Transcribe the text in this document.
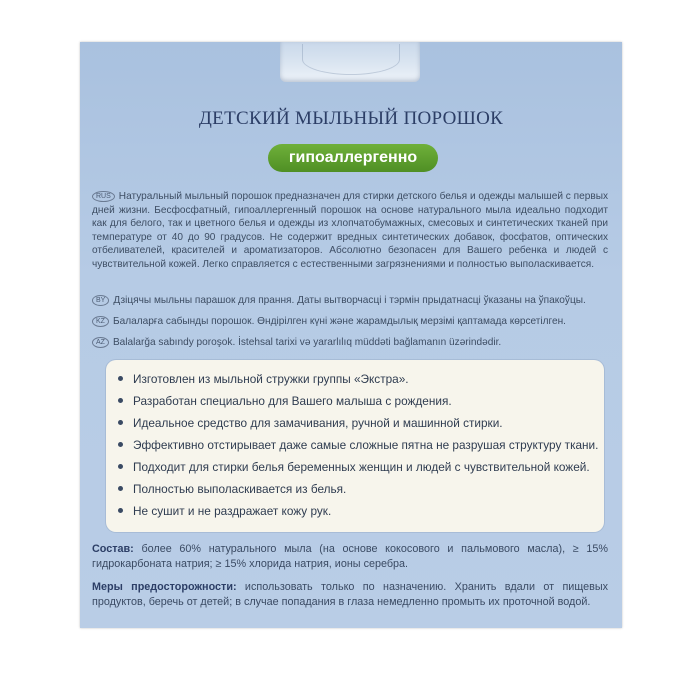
ДЕТСКИЙ МЫЛЬНЫЙ ПОРОШОК
гипоаллергенно
RUS Натуральный мыльный порошок предназначен для стирки детского белья и одежды малышей с первых дней жизни. Бесфосфатный, гипоаллергенный порошок на основе натурального мыла идеально подходит как для белого, так и цветного белья и одежды из хлопчатобумажных, смесовых и синтетических тканей при температуре от 40 до 90 градусов. Не содержит вредных синтетических добавок, фосфатов, оптических отбеливателей, красителей и ароматизаторов. Абсолютно безопасен для Вашего ребенка и людей с чувствительной кожей. Легко справляется с естественными загрязнениями и полностью выполаскивается.
BY Дзіцячы мыльны парашок для прання. Даты вытворчасці і тэрмін прыдатнасці ўказаны на ўпакоўцы.
KZ Балаларға сабынды порошок. Өндірілген күні және жарамдылық мерзімі қаптамада көрсетілген.
AZ Balalarğa sabındy poroşok. İstehsal tarixi və yararlılıq müddəti bağlamanın üzərindədir.
Изготовлен из мыльной стружки группы «Экстра».
Разработан специально для Вашего малыша с рождения.
Идеальное средство для замачивания, ручной и машинной стирки.
Эффективно отстирывает даже самые сложные пятна не разрушая структуру ткани.
Подходит для стирки белья беременных женщин и людей с чувствительной кожей.
Полностью выполаскивается из белья.
Не сушит и не раздражает кожу рук.
Состав: более 60% натурального мыла (на основе кокосового и пальмового масла), ≥ 15% гидрокарбоната натрия; ≥ 15% хлорида натрия, ионы серебра.
Меры предосторожности: использовать только по назначению. Хранить вдали от пищевых продуктов, беречь от детей; в случае попадания в глаза немедленно промыть их проточной водой.
